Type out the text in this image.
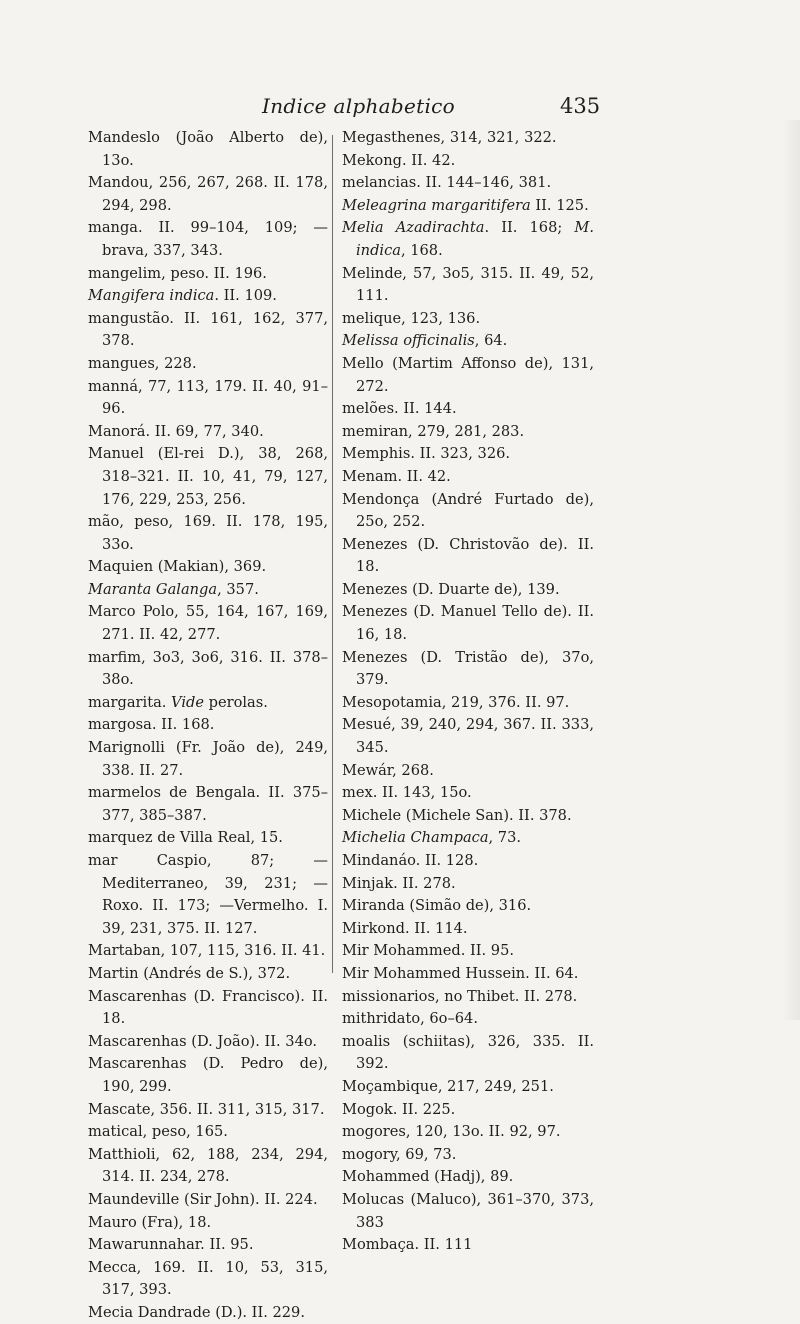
Indice alphabetico	435
Mandeslo (João Alberto de), 13o.
Mandou, 256, 267, 268. II. 178, 294, 298.
manga. II. 99–104, 109; —brava, 337, 343.
mangelim, peso. II. 196.
Mangifera indica. II. 109.
mangustão. II. 161, 162, 377, 378.
mangues, 228.
manná, 77, 113, 179. II. 40, 91–96.
Manorá. II. 69, 77, 340.
Manuel (El-rei D.), 38, 268, 318–321. II. 10, 41, 79, 127, 176, 229, 253, 256.
mão, peso, 169. II. 178, 195, 33o.
Maquien (Makian), 369.
Maranta Galanga, 357.
Marco Polo, 55, 164, 167, 169, 271. II. 42, 277.
marfim, 3o3, 3o6, 316. II. 378–38o.
margarita. Vide perolas.
margosa. II. 168.
Marignolli (Fr. João de), 249, 338. II. 27.
marmelos de Bengala. II. 375–377, 385–387.
marquez de Villa Real, 15.
mar Caspio, 87; —Mediterraneo, 39, 231; —Roxo. II. 173; —Vermelho. I. 39, 231, 375. II. 127.
Martaban, 107, 115, 316. II. 41.
Martin (Andrés de S.), 372.
Mascarenhas (D. Francisco). II. 18.
Mascarenhas (D. João). II. 34o.
Mascarenhas (D. Pedro de), 190, 299.
Mascate, 356. II. 311, 315, 317.
matical, peso, 165.
Matthioli, 62, 188, 234, 294, 314. II. 234, 278.
Maundeville (Sir John). II. 224.
Mauro (Fra), 18.
Mawarunnahar. II. 95.
Mecca, 169. II. 10, 53, 315, 317, 393.
Mecia Dandrade (D.). II. 229.
Megasthenes, 314, 321, 322.
Mekong. II. 42.
melancias. II. 144–146, 381.
Meleagrina margaritifera II. 125.
Melia Azadirachta. II. 168; M. indica, 168.
Melinde, 57, 3o5, 315. II. 49, 52, 111.
melique, 123, 136.
Melissa officinalis, 64.
Mello (Martim Affonso de), 131, 272.
melões. II. 144.
memiran, 279, 281, 283.
Memphis. II. 323, 326.
Menam. II. 42.
Mendonça (André Furtado de), 25o, 252.
Menezes (D. Christovão de). II. 18.
Menezes (D. Duarte de), 139.
Menezes (D. Manuel Tello de). II. 16, 18.
Menezes (D. Tristão de), 37o, 379.
Mesopotamia, 219, 376. II. 97.
Mesué, 39, 240, 294, 367. II. 333, 345.
Mewár, 268.
mex. II. 143, 15o.
Michele (Michele San). II. 378.
Michelia Champaca, 73.
Mindanáo. II. 128.
Minjak. II. 278.
Miranda (Simão de), 316.
Mirkond. II. 114.
Mir Mohammed. II. 95.
Mir Mohammed Hussein. II. 64.
missionarios, no Thibet. II. 278.
mithridato, 6o–64.
moalis (schiitas), 326, 335. II. 392.
Moçambique, 217, 249, 251.
Mogok. II. 225.
mogores, 120, 13o. II. 92, 97.
mogory, 69, 73.
Mohammed (Hadj), 89.
Molucas (Maluco), 361–370, 373, 383
Mombaça. II. 111
